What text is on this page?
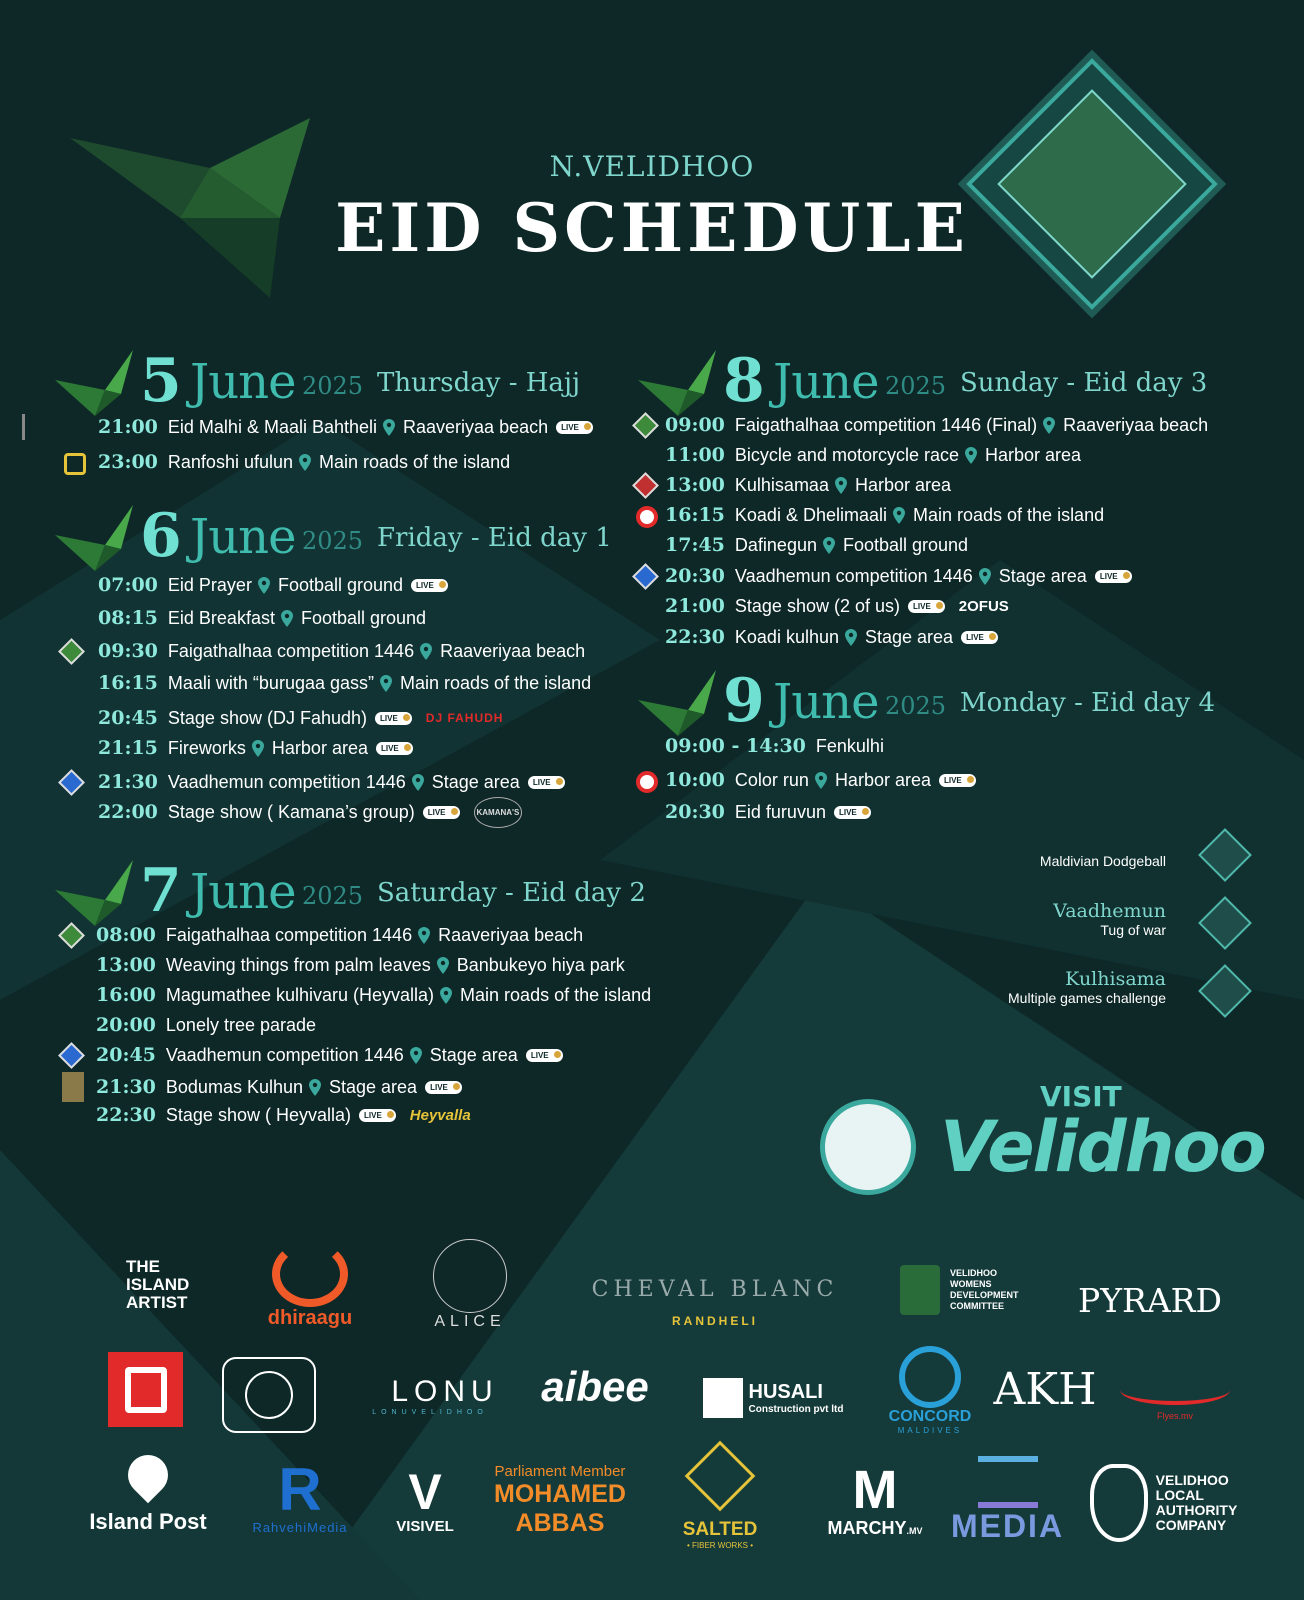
N.VELIDHOO
EID SCHEDULE
5 June 2025 Thursday - Hajj
21:00 Eid Malhi & Maali Bahtheli Raaveriyaa beach	LIVE
23:00 Ranfoshi ufulun Main roads of the island
6 June 2025 Friday - Eid day 1
07:00 Eid Prayer Football ground	LIVE
08:15 Eid Breakfast Football ground
09:30 Faigathalhaa competition 1446 Raaveriyaa beach
16:15 Maali with “burugaa gass” Main roads of the island
20:45 Stage show (DJ Fahudh)	LIVE	DJ FAHUDH
21:15 Fireworks Harbor area	LIVE
21:30 Vaadhemun competition 1446 Stage area	LIVE
22:00 Stage show ( Kamana’s group)	LIVE	KAMANA'S
7 June 2025 Saturday - Eid day 2
08:00 Faigathalhaa competition 1446 Raaveriyaa beach
13:00 Weaving things from palm leaves Banbukeyo hiya park
16:00 Magumathee kulhivaru (Heyvalla) Main roads of the island
20:00 Lonely tree parade
20:45 Vaadhemun competition 1446 Stage area	LIVE
21:30 Bodumas Kulhun Stage area	LIVE
22:30 Stage show ( Heyvalla)	LIVE	Heyvalla
8 June 2025 Sunday - Eid day 3
09:00 Faigathalhaa competition 1446 (Final) Raaveriyaa beach
11:00 Bicycle and motorcycle race Harbor area
13:00 Kulhisamaa Harbor area
16:15 Koadi & Dhelimaali Main roads of the island
17:45 Dafinegun Football ground
20:30 Vaadhemun competition 1446 Stage area	LIVE
21:00 Stage show (2 of us)	LIVE	2OFUS
22:30 Koadi kulhun Stage area	LIVE
9 June 2025 Monday - Eid day 4
09:00 - 14:30 Fenkulhi
10:00 Color run Harbor area	LIVE
20:30 Eid furuvun	LIVE
Maldivian Dodgeball
Vaadhemun
Tug of war
Kulhisama
Multiple games challenge
VISIT
Velidhoo
THE ISLAND ARTIST
dhiraagu	ALICE
CHEVAL BLANC
RANDHELI
VELIDHOO WOMENS DEVELOPMENT COMMITTEE	PYRARD
LONU
LONUVELIDHOO
aibee	HUSALI
Construction pvt ltd	CONCORD
MALDIVES
AKH
Flyes.mv
Island Post R
RahvehiMedia
V
VISIVEL
Parliament Member
MOHAMED
ABBAS	SALTED
• FIBER WORKS •
M
MARCHY.MV MEDIA
VELIDHOO LOCAL AUTHORITY COMPANY
